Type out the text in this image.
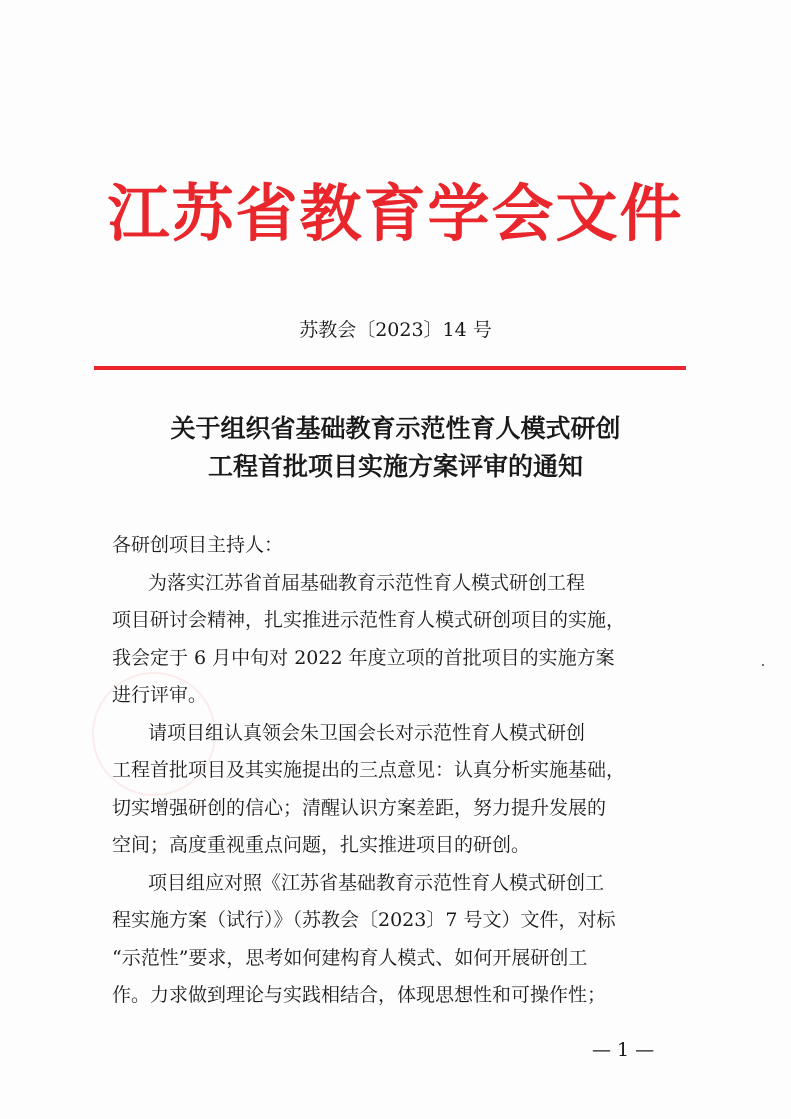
江苏省教育学会文件
苏教会〔2023〕14 号
关于组织省基础教育示范性育人模式研创
工程首批项目实施方案评审的通知

各研创项目主持人：

为落实江苏省首届基础教育示范性育人模式研创工程
项目研讨会精神，扎实推进示范性育人模式研创项目的实施，
我会定于 6 月中旬对 2022 年度立项的首批项目的实施方案
进行评审。
请项目组认真领会朱卫国会长对示范性育人模式研创
工程首批项目及其实施提出的三点意见：认真分析实施基础，
切实增强研创的信心；清醒认识方案差距，努力提升发展的
空间；高度重视重点问题，扎实推进项目的研创。
项目组应对照《江苏省基础教育示范性育人模式研创工
程实施方案（试行）》（苏教会〔2023〕7 号文）文件，对标
“示范性”要求，思考如何建构育人模式、如何开展研创工
作。力求做到理论与实践相结合，体现思想性和可操作性；
— 1 —
